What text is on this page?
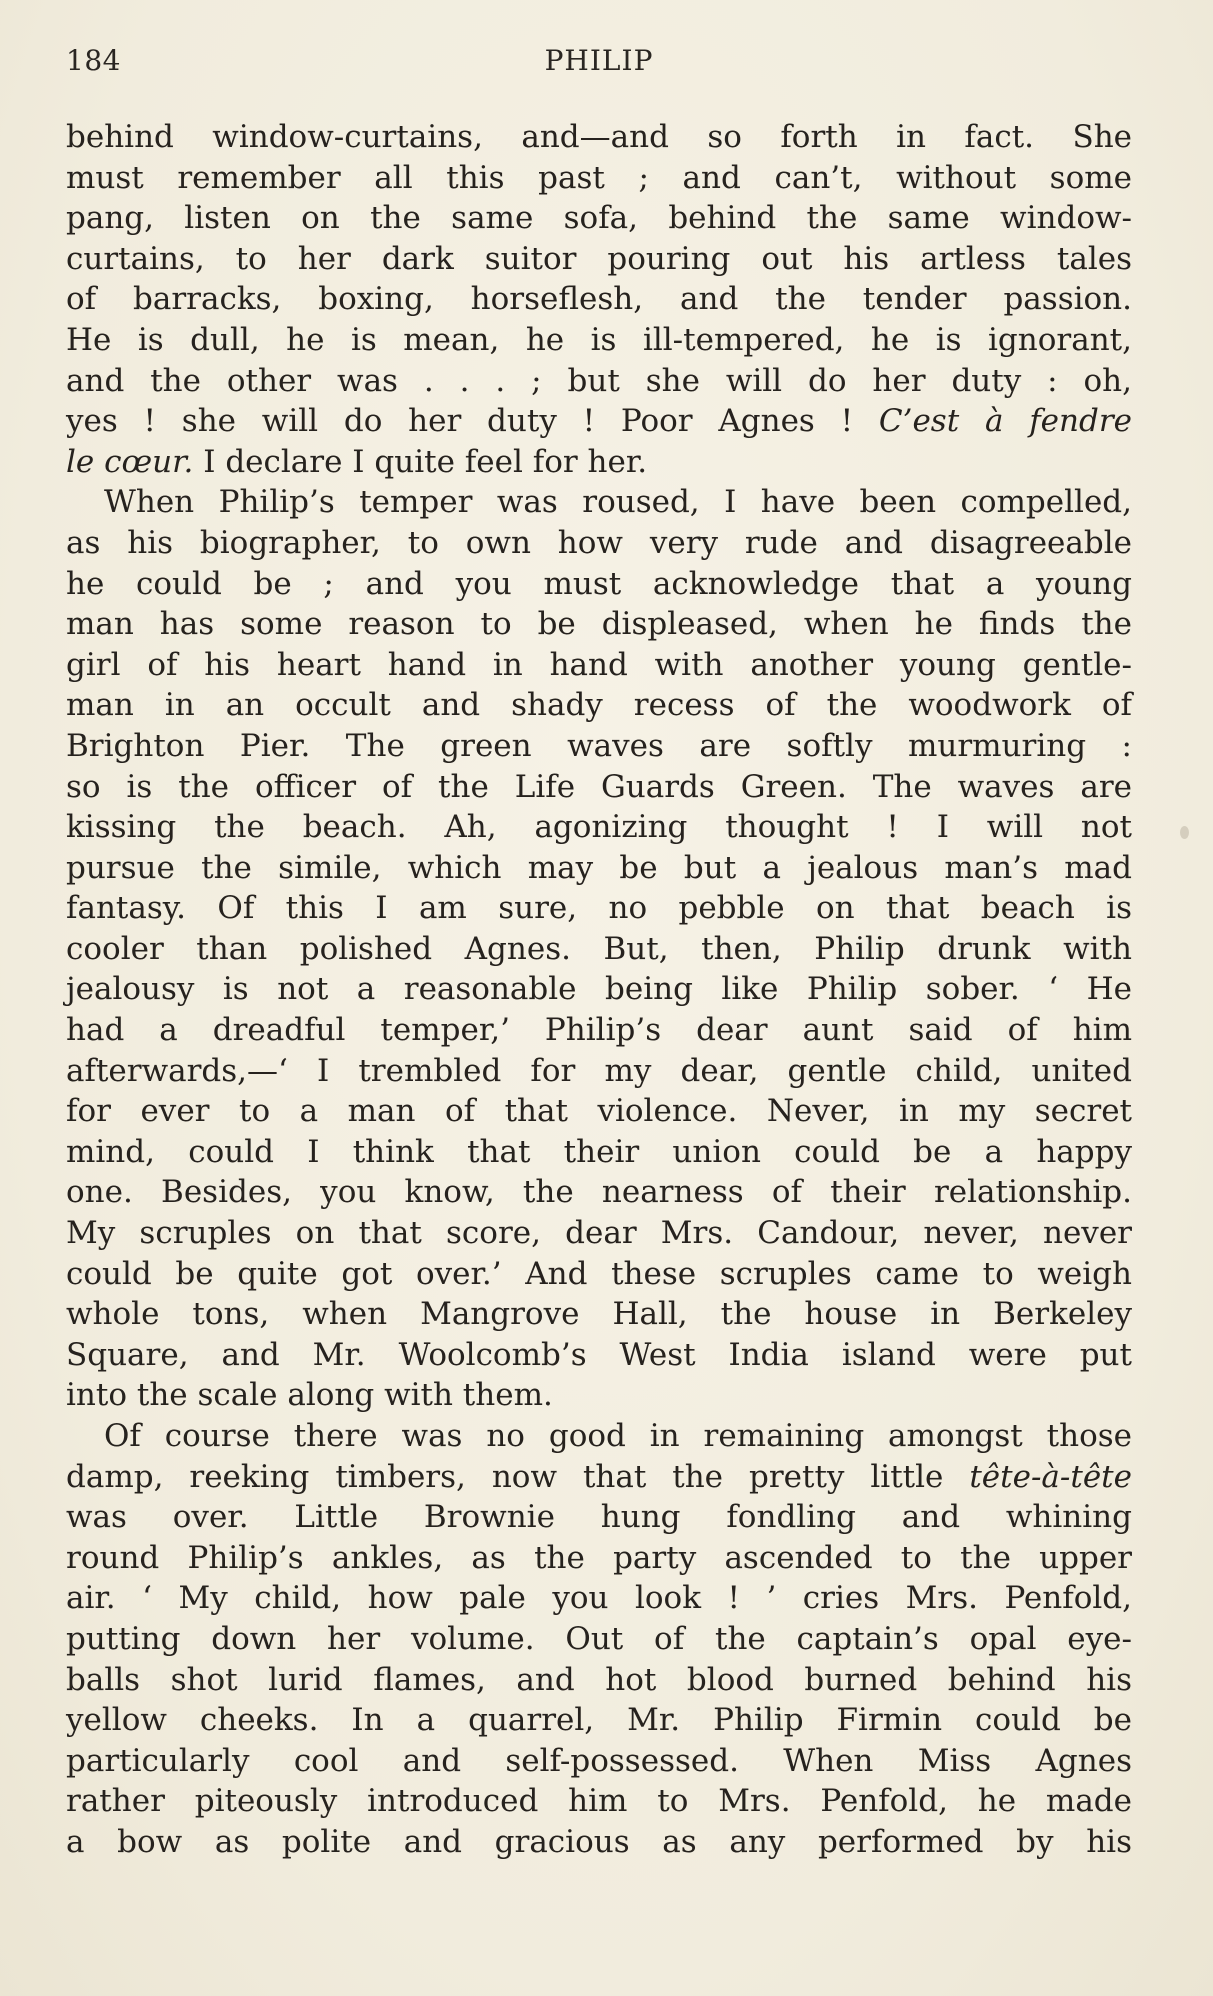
184	PHILIP
behind window-curtains, and—and so forth in fact. She
must remember all this past ; and can’t, without some
pang, listen on the same sofa, behind the same window-
curtains, to her dark suitor pouring out his artless tales
of barracks, boxing, horseflesh, and the tender passion.
He is dull, he is mean, he is ill-tempered, he is ignorant,
and the other was . . . ; but she will do her duty : oh,
yes ! she will do her duty ! Poor Agnes ! C’est à fendre
le cœur. I declare I quite feel for her.
When Philip’s temper was roused, I have been compelled,
as his biographer, to own how very rude and disagreeable
he could be ; and you must acknowledge that a young
man has some reason to be displeased, when he finds the
girl of his heart hand in hand with another young gentle-
man in an occult and shady recess of the woodwork of
Brighton Pier. The green waves are softly murmuring :
so is the officer of the Life Guards Green. The waves are
kissing the beach. Ah, agonizing thought ! I will not
pursue the simile, which may be but a jealous man’s mad
fantasy. Of this I am sure, no pebble on that beach is
cooler than polished Agnes. But, then, Philip drunk with
jealousy is not a reasonable being like Philip sober. ‘ He
had a dreadful temper,’ Philip’s dear aunt said of him
afterwards,—‘ I trembled for my dear, gentle child, united
for ever to a man of that violence. Never, in my secret
mind, could I think that their union could be a happy
one. Besides, you know, the nearness of their relationship.
My scruples on that score, dear Mrs. Candour, never, never
could be quite got over.’ And these scruples came to weigh
whole tons, when Mangrove Hall, the house in Berkeley
Square, and Mr. Woolcomb’s West India island were put
into the scale along with them.
Of course there was no good in remaining amongst those
damp, reeking timbers, now that the pretty little tête-à-tête
was over. Little Brownie hung fondling and whining
round Philip’s ankles, as the party ascended to the upper
air. ‘ My child, how pale you look ! ’ cries Mrs. Penfold,
putting down her volume. Out of the captain’s opal eye-
balls shot lurid flames, and hot blood burned behind his
yellow cheeks. In a quarrel, Mr. Philip Firmin could be
particularly cool and self-possessed. When Miss Agnes
rather piteously introduced him to Mrs. Penfold, he made
a bow as polite and gracious as any performed by his
